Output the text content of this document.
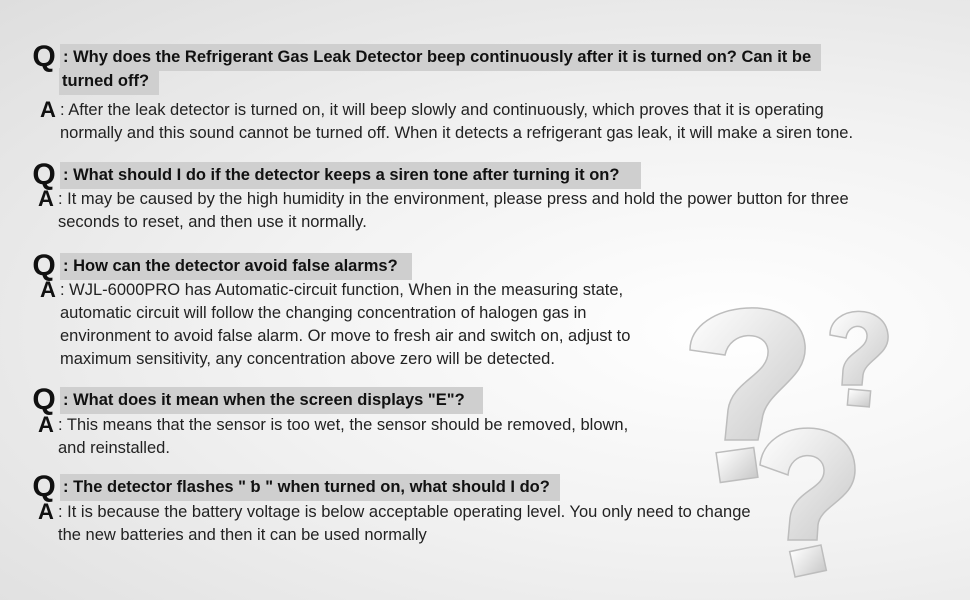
Q : Why does the Refrigerant Gas Leak Detector beep continuously after it is turned on? Can it be
turned off?
A : After the leak detector is turned on, it will beep slowly and continuously, which proves that it is operating
normally and this sound cannot be turned off. When it detects a refrigerant gas leak, it will make a siren tone.
Q : What should I do if the detector keeps a siren tone after turning it on?
A : It may be caused by the high humidity in the environment, please press and hold the power button for three
seconds to reset, and then use it normally.
Q : How can the detector avoid false alarms?
A : WJL-6000PRO has Automatic-circuit function, When in the measuring state,
automatic circuit will follow the changing concentration of halogen gas in
environment to avoid false alarm. Or move to fresh air and switch on, adjust to
maximum sensitivity, any concentration above zero will be detected.
Q : What does it mean when the screen displays "E"?
A : This means that the sensor is too wet, the sensor should be removed, blown,
and reinstalled.
Q : The detector flashes " ƅ " when turned on, what should I do?
A : It is because the battery voltage is below acceptable operating level. You only need to change
the new batteries and then it can be used normally
